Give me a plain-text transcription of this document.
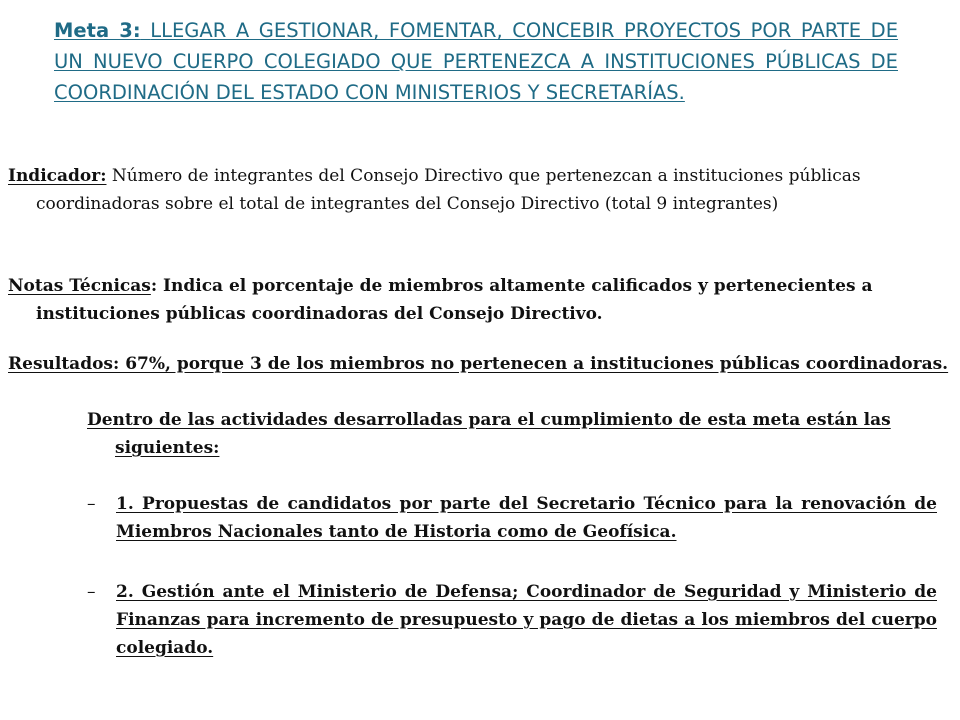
Meta 3: LLEGAR A GESTIONAR, FOMENTAR, CONCEBIR PROYECTOS POR PARTE DE UN NUEVO CUERPO COLEGIADO QUE PERTENEZCA A INSTITUCIONES PÚBLICAS DE COORDINACIÓN DEL ESTADO CON MINISTERIOS Y SECRETARÍAS.
Indicador: Número de integrantes del Consejo Directivo que pertenezcan a instituciones públicas coordinadoras sobre el total de integrantes del Consejo Directivo (total 9 integrantes)
Notas Técnicas: Indica el porcentaje de miembros altamente calificados y pertenecientes a instituciones públicas coordinadoras del Consejo Directivo.
Resultados: 67%, porque 3 de los miembros no pertenecen a instituciones públicas coordinadoras.
Dentro de las actividades desarrolladas para el cumplimiento de esta meta están las siguientes:
–	1. Propuestas de candidatos por parte del Secretario Técnico para la renovación de Miembros Nacionales tanto de Historia como de Geofísica.
–	2. Gestión ante el Ministerio de Defensa; Coordinador de Seguridad y Ministerio de Finanzas para incremento de presupuesto y pago de dietas a los miembros del cuerpo colegiado.
